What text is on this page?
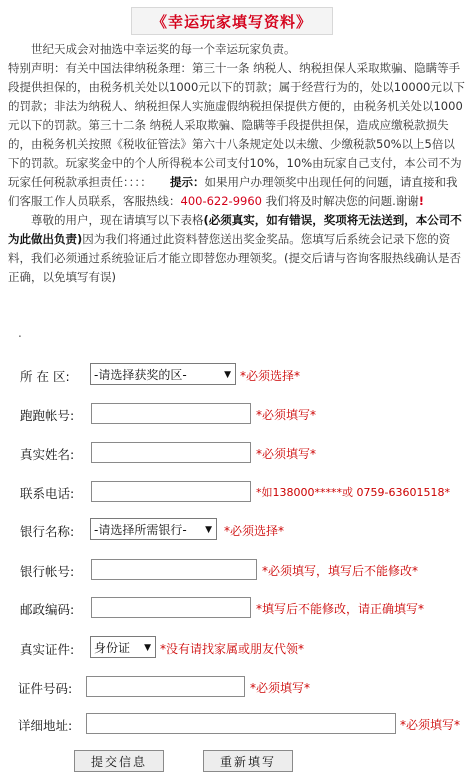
《幸运玩家填写资料》

世纪天成会对抽选中幸运奖的每一个幸运玩家负责。

特别声明：有关中国法律纳税条理：第三十一条 纳税人、纳税担保人采取欺骗、隐瞒等手段提供担保的，由税务机关处以1000元以下的罚款；属于经营行为的，处以10000元以下的罚款；非法为纳税人、纳税担保人实施虚假纳税担保提供方便的，由税务机关处以1000元以下的罚款。第三十二条 纳税人采取欺骗、隐瞒等手段提供担保，造成应缴税款损失的，由税务机关按照《税收征管法》第六十八条规定处以未缴、少缴税款50%以上5倍以下的罚款。玩家奖金中的个人所得税本公司支付10%，10%由玩家自己支付，本公司不为玩家任何税款承担责任：：：： 提示：如果用户办理领奖中出现任何的问题，请直接和我们客服工作人员联系，客服热线：400-622-9960 我们将及时解决您的问题.谢谢!

尊敬的用户，现在请填写以下表格(必须真实，如有错误，奖项将无法送到，本公司不为此做出负责)因为我们将通过此资料替您送出奖金奖品。您填写后系统会记录下您的资料，我们必须通过系统验证后才能立即替您办理领奖。(提交后请与咨询客服热线确认是否正确，以免填写有误)

.
所 在 区: -请选择获奖的区-	▼ *必须选择*
跑跑帐号:	*必须填写*
真实姓名:	*必须填写*
联系电话:	*如138000*****或 0759-63601518*
银行名称: -请选择所需银行- ▼ *必须选择*
银行帐号:	*必须填写，填写后不能修改*
邮政编码:	*填写后不能修改，请正确填写*
真实证件: 身份证 ▼ *没有请找家属或朋友代领*
证件号码:	*必须填写*
详细地址:	*必须填写*
提交信息	重新填写
